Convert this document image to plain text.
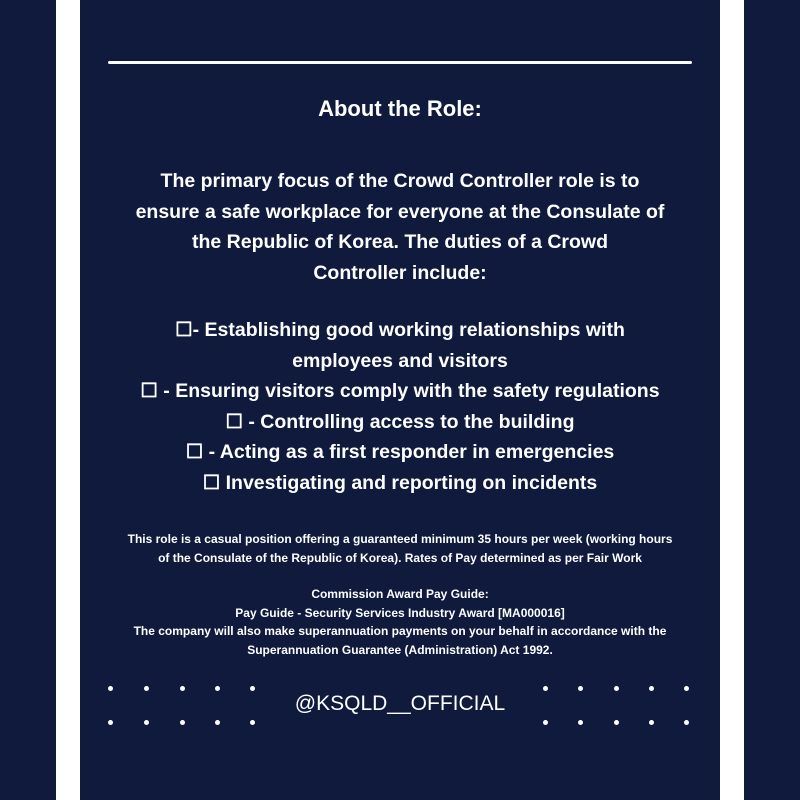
About the Role:
The primary focus of the Crowd Controller role is to
ensure a safe workplace for everyone at the Consulate of
the Republic of Korea. The duties of a Crowd
Controller include:
☐- Establishing good working relationships with
employees and visitors
☐ - Ensuring visitors comply with the safety regulations
☐ - Controlling access to the building
☐ - Acting as a first responder in emergencies
☐ Investigating and reporting on incidents
This role is a casual position offering a guaranteed minimum 35 hours per week (working hours
of the Consulate of the Republic of Korea). Rates of Pay determined as per Fair Work
Commission Award Pay Guide:
Pay Guide - Security Services Industry Award [MA000016]
The company will also make superannuation payments on your behalf in accordance with the
Superannuation Guarantee (Administration) Act 1992.
@KSQLD__OFFICIAL
